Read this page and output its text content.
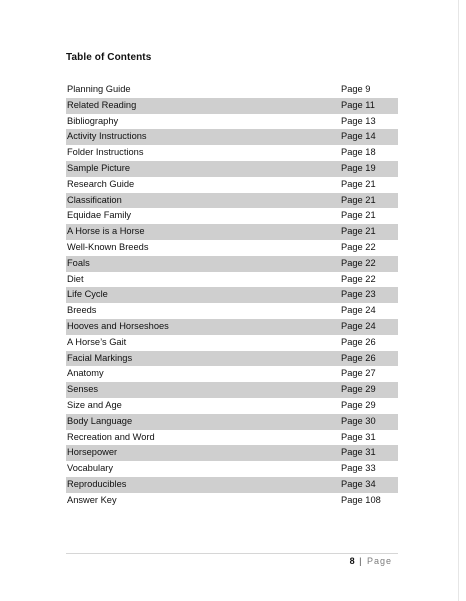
Table of Contents
Planning Guide	Page 9
Related Reading	Page 11
Bibliography	Page 13
Activity Instructions	Page 14
Folder Instructions	Page 18
Sample Picture	Page 19
Research Guide	Page 21
Classification	Page 21
Equidae Family	Page 21
A Horse is a Horse	Page 21
Well-Known Breeds	Page 22
Foals	Page 22
Diet	Page 22
Life Cycle	Page 23
Breeds	Page 24
Hooves and Horseshoes	Page 24
A Horse’s Gait	Page 26
Facial Markings	Page 26
Anatomy	Page 27
Senses	Page 29
Size and Age	Page 29
Body Language	Page 30
Recreation and Word	Page 31
Horsepower	Page 31
Vocabulary	Page 33
Reproducibles	Page 34
Answer Key	Page 108
8 | Page
